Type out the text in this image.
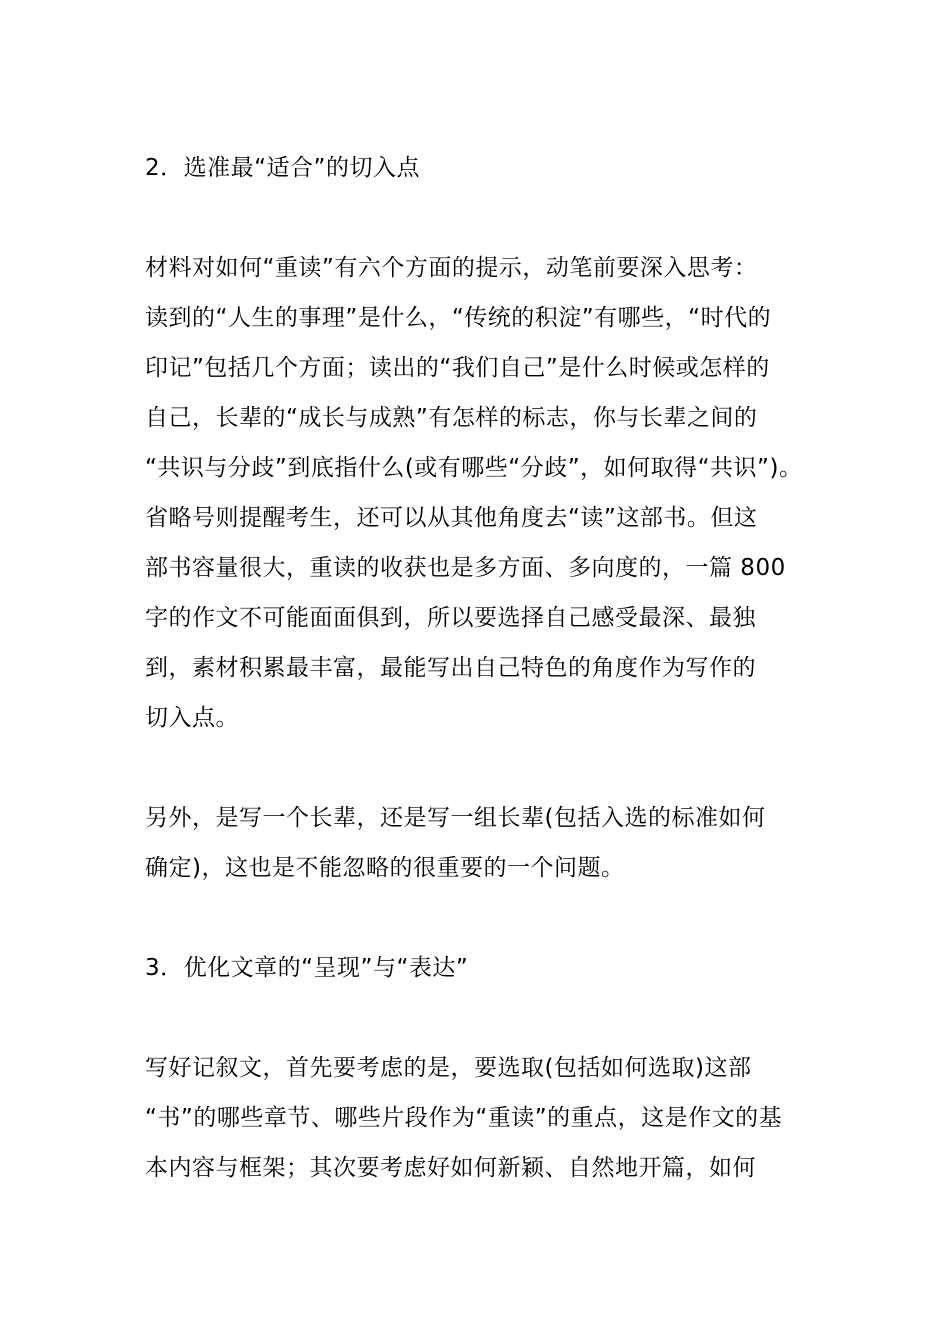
2．选准最“适合”的切入点
材料对如何“重读”有六个方面的提示，动笔前要深入思考：
读到的“人生的事理”是什么，“传统的积淀”有哪些，“时代的
印记”包括几个方面；读出的“我们自己”是什么时候或怎样的
自己，长辈的“成长与成熟”有怎样的标志，你与长辈之间的
“共识与分歧”到底指什么(或有哪些“分歧”，如何取得“共识”)。
省略号则提醒考生，还可以从其他角度去“读”这部书。但这
部书容量很大，重读的收获也是多方面、多向度的，一篇 800
字的作文不可能面面俱到，所以要选择自己感受最深、最独
到，素材积累最丰富，最能写出自己特色的角度作为写作的
切入点。
另外，是写一个长辈，还是写一组长辈(包括入选的标准如何
确定)，这也是不能忽略的很重要的一个问题。
3．优化文章的“呈现”与“表达”
写好记叙文，首先要考虑的是，要选取(包括如何选取)这部
“书”的哪些章节、哪些片段作为“重读”的重点，这是作文的基
本内容与框架；其次要考虑好如何新颖、自然地开篇，如何
